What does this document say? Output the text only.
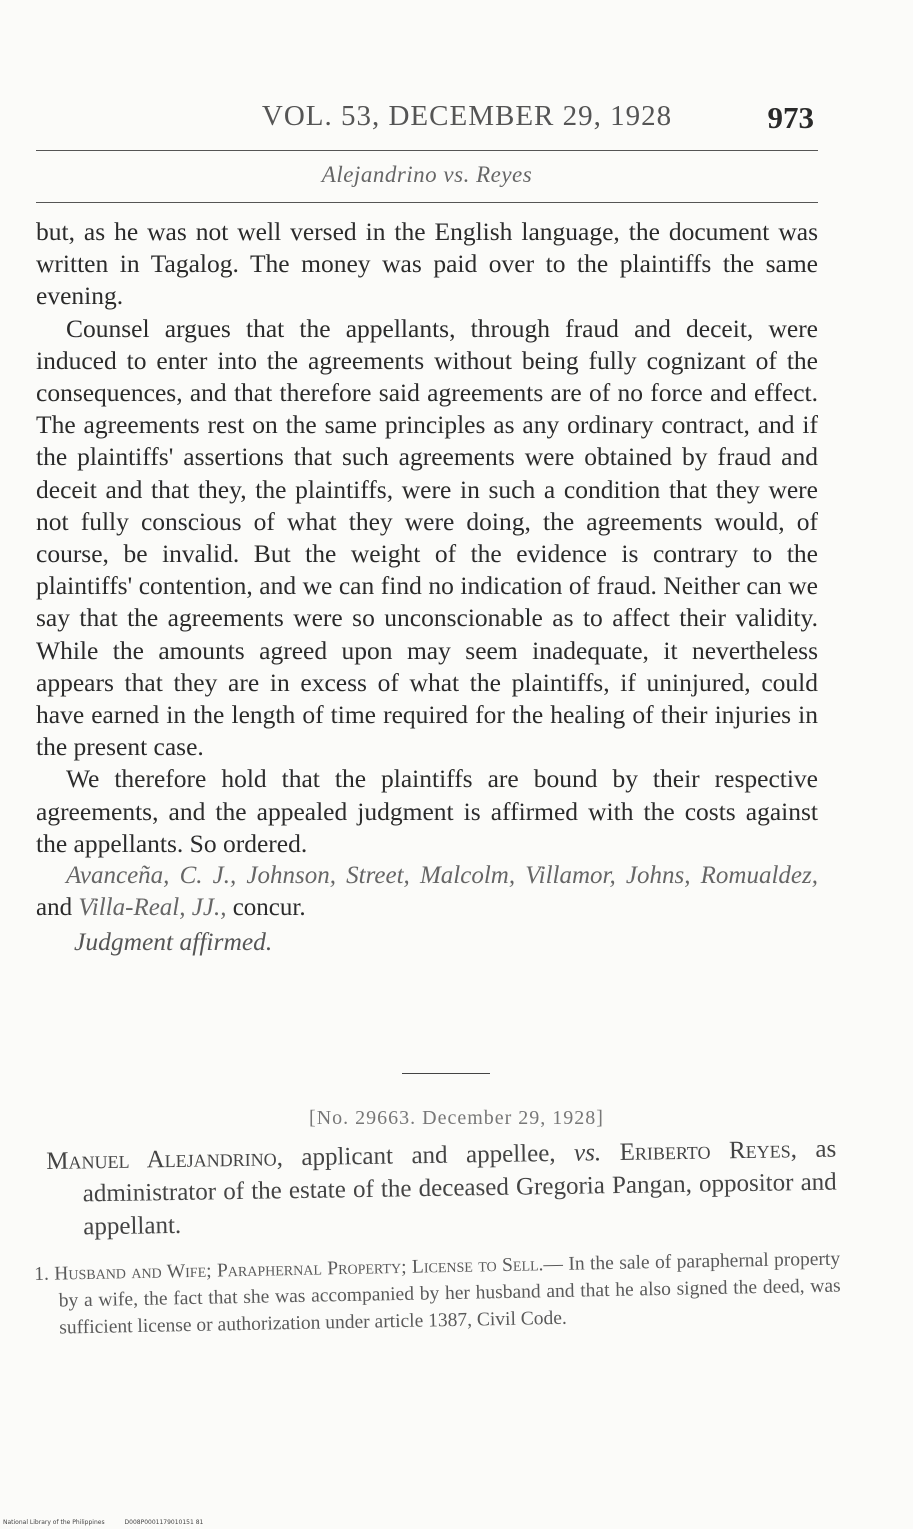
VOL. 53, DECEMBER 29, 1928	973
Alejandrino vs. Reyes

but, as he was not well versed in the English language, the document was written in Tagalog. The money was paid over to the plaintiffs the same evening.

Counsel argues that the appellants, through fraud and deceit, were induced to enter into the agreements without being fully cognizant of the consequences, and that therefore said agreements are of no force and effect. The agreements rest on the same principles as any ordinary contract, and if the plaintiffs' assertions that such agreements were obtained by fraud and deceit and that they, the plaintiffs, were in such a condition that they were not fully conscious of what they were doing, the agreements would, of course, be invalid. But the weight of the evidence is contrary to the plaintiffs' contention, and we can find no indication of fraud. Neither can we say that the agreements were so unconscionable as to affect their validity. While the amounts agreed upon may seem inadequate, it nevertheless appears that they are in excess of what the plaintiffs, if uninjured, could have earned in the length of time required for the healing of their injuries in the present case.

We therefore hold that the plaintiffs are bound by their respective agreements, and the appealed judgment is affirmed with the costs against the appellants. So ordered.

Avanceña, C. J., Johnson, Street, Malcolm, Villamor, Johns, Romualdez, and Villa-Real, JJ., concur.

Judgment affirmed.

[No. 29663. December 29, 1928]

Manuel Alejandrino, applicant and appellee, vs. Eriberto Reyes, as administrator of the estate of the deceased Gregoria Pangan, oppositor and appellant.

1. Husband and Wife; Paraphernal Property; License to Sell.— In the sale of paraphernal property by a wife, the fact that she was accompanied by her husband and that he also signed the deed, was sufficient license or authorization under article 1387, Civil Code.

National Library of the Philippines	D008P0001179010151 81
